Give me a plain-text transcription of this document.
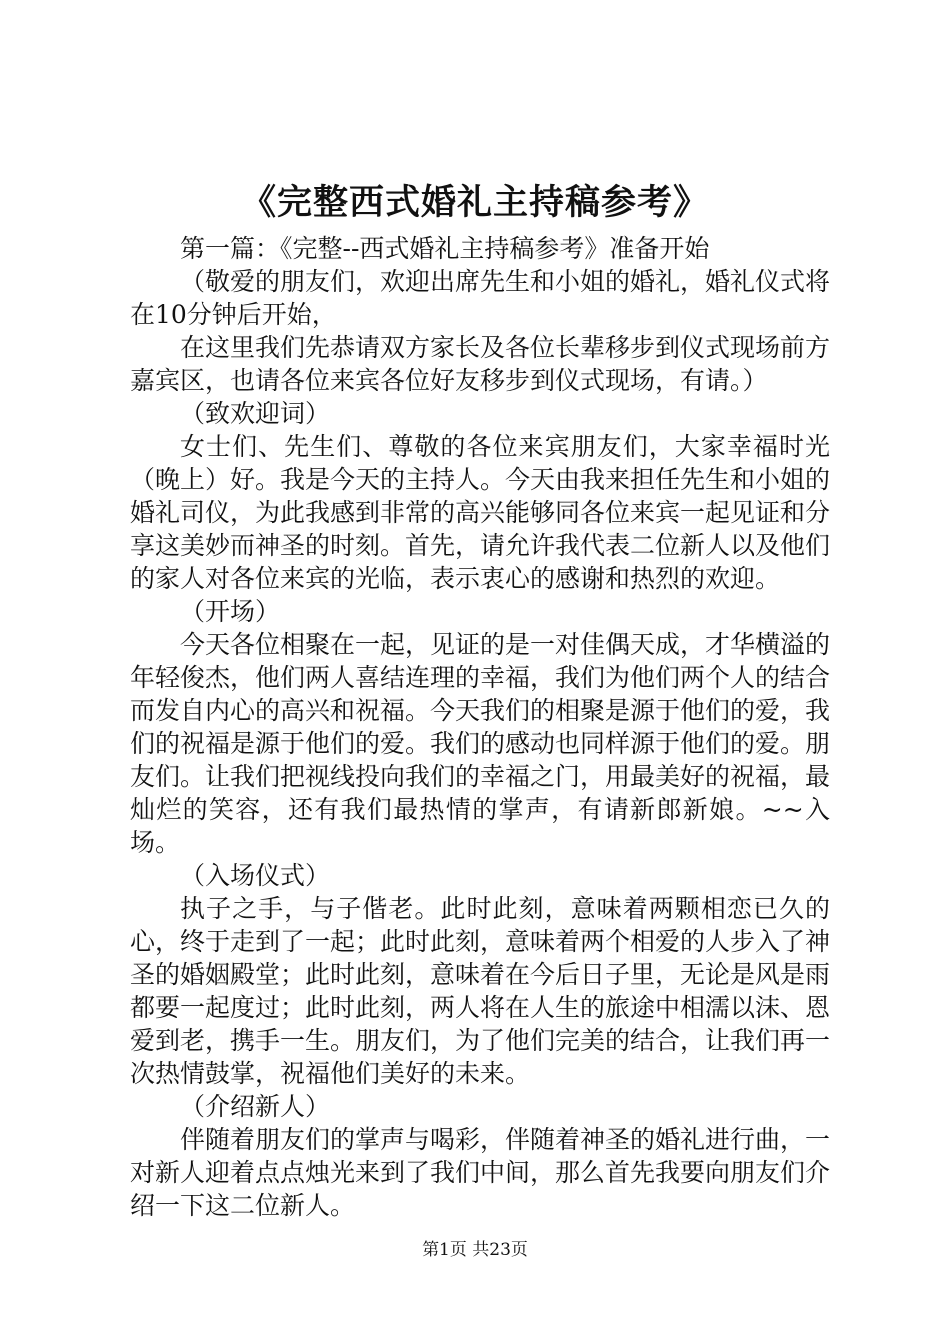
《完整西式婚礼主持稿参考》

第一篇：《完整--西式婚礼主持稿参考》准备开始

（敬爱的朋友们，欢迎出席先生和小姐的婚礼，婚礼仪式将在10分钟后开始，

在这里我们先恭请双方家长及各位长辈移步到仪式现场前方嘉宾区，也请各位来宾各位好友移步到仪式现场，有请。）

（致欢迎词）

女士们、先生们、尊敬的各位来宾朋友们，大家幸福时光（晚上）好。我是今天的主持人。今天由我来担任先生和小姐的婚礼司仪，为此我感到非常的高兴能够同各位来宾一起见证和分享这美妙而神圣的时刻。首先，请允许我代表二位新人以及他们的家人对各位来宾的光临，表示衷心的感谢和热烈的欢迎。

（开场）

今天各位相聚在一起，见证的是一对佳偶天成，才华横溢的年轻俊杰，他们两人喜结连理的幸福，我们为他们两个人的结合而发自内心的高兴和祝福。今天我们的相聚是源于他们的爱，我们的祝福是源于他们的爱。我们的感动也同样源于他们的爱。朋友们。让我们把视线投向我们的幸福之门，用最美好的祝福，最灿烂的笑容，还有我们最热情的掌声，有请新郎新娘。~~入场。

（入场仪式）

执子之手，与子偕老。此时此刻，意味着两颗相恋已久的心，终于走到了一起；此时此刻，意味着两个相爱的人步入了神圣的婚姻殿堂；此时此刻，意味着在今后日子里，无论是风是雨都要一起度过；此时此刻，两人将在人生的旅途中相濡以沫、恩爱到老，携手一生。朋友们，为了他们完美的结合，让我们再一次热情鼓掌，祝福他们美好的未来。

（介绍新人）

伴随着朋友们的掌声与喝彩，伴随着神圣的婚礼进行曲，一对新人迎着点点烛光来到了我们中间，那么首先我要向朋友们介绍一下这二位新人。

第1页 共23页
